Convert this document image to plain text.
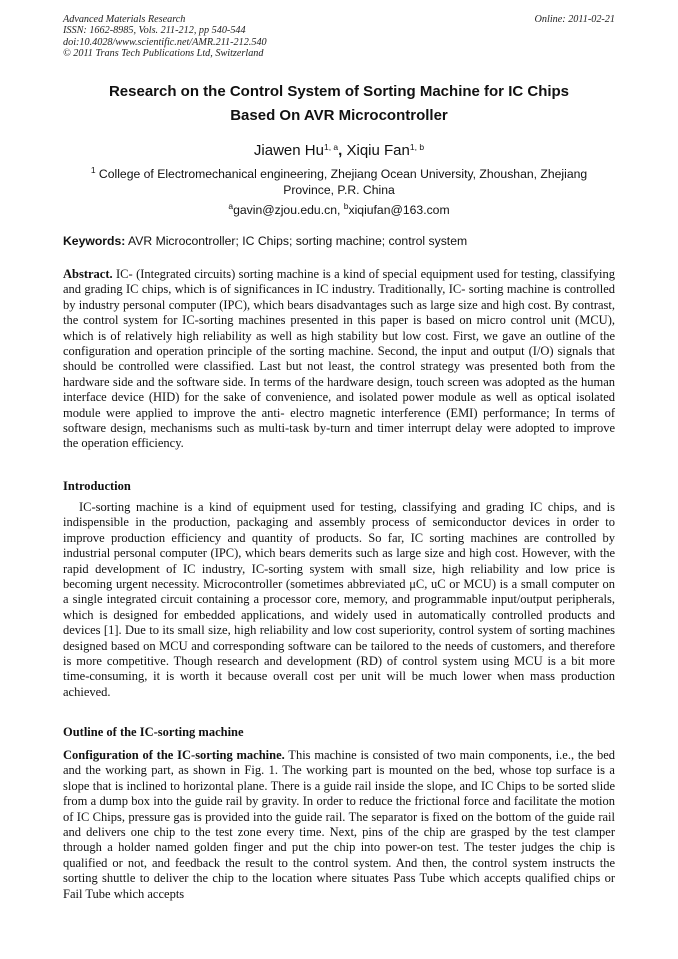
Advanced Materials Research
ISSN: 1662-8985, Vols. 211-212, pp 540-544
doi:10.4028/www.scientific.net/AMR.211-212.540
© 2011 Trans Tech Publications Ltd, Switzerland
Online: 2011-02-21
Research on the Control System of Sorting Machine for IC Chips
Based On AVR Microcontroller
Jiawen Hu$^{1, a}$, Xiqiu Fan$^{1, b}$
$^1$ College of Electromechanical engineering, Zhejiang Ocean University, Zhoushan, Zhejiang Province, P.R. China
$^a$gavin@zjou.edu.cn, $^b$xiqiufan@163.com
Keywords: AVR Microcontroller; IC Chips; sorting machine; control system
Abstract. IC- (Integrated circuits) sorting machine is a kind of special equipment used for testing, classifying and grading IC chips, which is of significances in IC industry. Traditionally, IC- sorting machine is controlled by industry personal computer (IPC), which bears disadvantages such as large size and high cost. By contrast, the control system for IC-sorting machines presented in this paper is based on micro control unit (MCU), which is of relatively high reliability as well as high stability but low cost. First, we gave an outline of the configuration and operation principle of the sorting machine. Second, the input and output (I/O) signals that should be controlled were classified. Last but not least, the control strategy was presented both from the hardware side and the software side. In terms of the hardware design, touch screen was adopted as the human interface device (HID) for the sake of convenience, and isolated power module as well as optical isolated module were applied to improve the anti- electro magnetic interference (EMI) performance; In terms of software design, mechanisms such as multi-task by-turn and timer interrupt delay were adopted to improve the operation efficiency.
Introduction
IC-sorting machine is a kind of equipment used for testing, classifying and grading IC chips, and is indispensible in the production, packaging and assembly process of semiconductor devices in order to improve production efficiency and quantity of products. So far, IC sorting machines are controlled by industrial personal computer (IPC), which bears demerits such as large size and high cost. However, with the rapid development of IC industry, IC-sorting system with small size, high reliability and low price is becoming urgent necessity. Microcontroller (sometimes abbreviated μC, uC or MCU) is a small computer on a single integrated circuit containing a processor core, memory, and programmable input/output peripherals, which is designed for embedded applications, and widely used in automatically controlled products and devices [1]. Due to its small size, high reliability and low cost superiority, control system of sorting machines designed based on MCU and corresponding software can be tailored to the needs of customers, and therefore is more competitive. Though research and development (RD) of control system using MCU is a bit more time-consuming, it is worth it because overall cost per unit will be much lower when mass production achieved.
Outline of the IC-sorting machine
Configuration of the IC-sorting machine. This machine is consisted of two main components, i.e., the bed and the working part, as shown in Fig. 1. The working part is mounted on the bed, whose top surface is a slope that is inclined to horizontal plane. There is a guide rail inside the slope, and IC Chips to be sorted slide from a dump box into the guide rail by gravity. In order to reduce the frictional force and facilitate the motion of IC Chips, pressure gas is provided into the guide rail. The separator is fixed on the bottom of the guide rail and delivers one chip to the test zone every time. Next, pins of the chip are grasped by the test clamper through a holder named golden finger and put the chip into power-on test. The tester judges the chip is qualified or not, and feedback the result to the control system. And then, the control system instructs the sorting shuttle to deliver the chip to the location where situates Pass Tube which accepts qualified chips or Fail Tube which accepts
